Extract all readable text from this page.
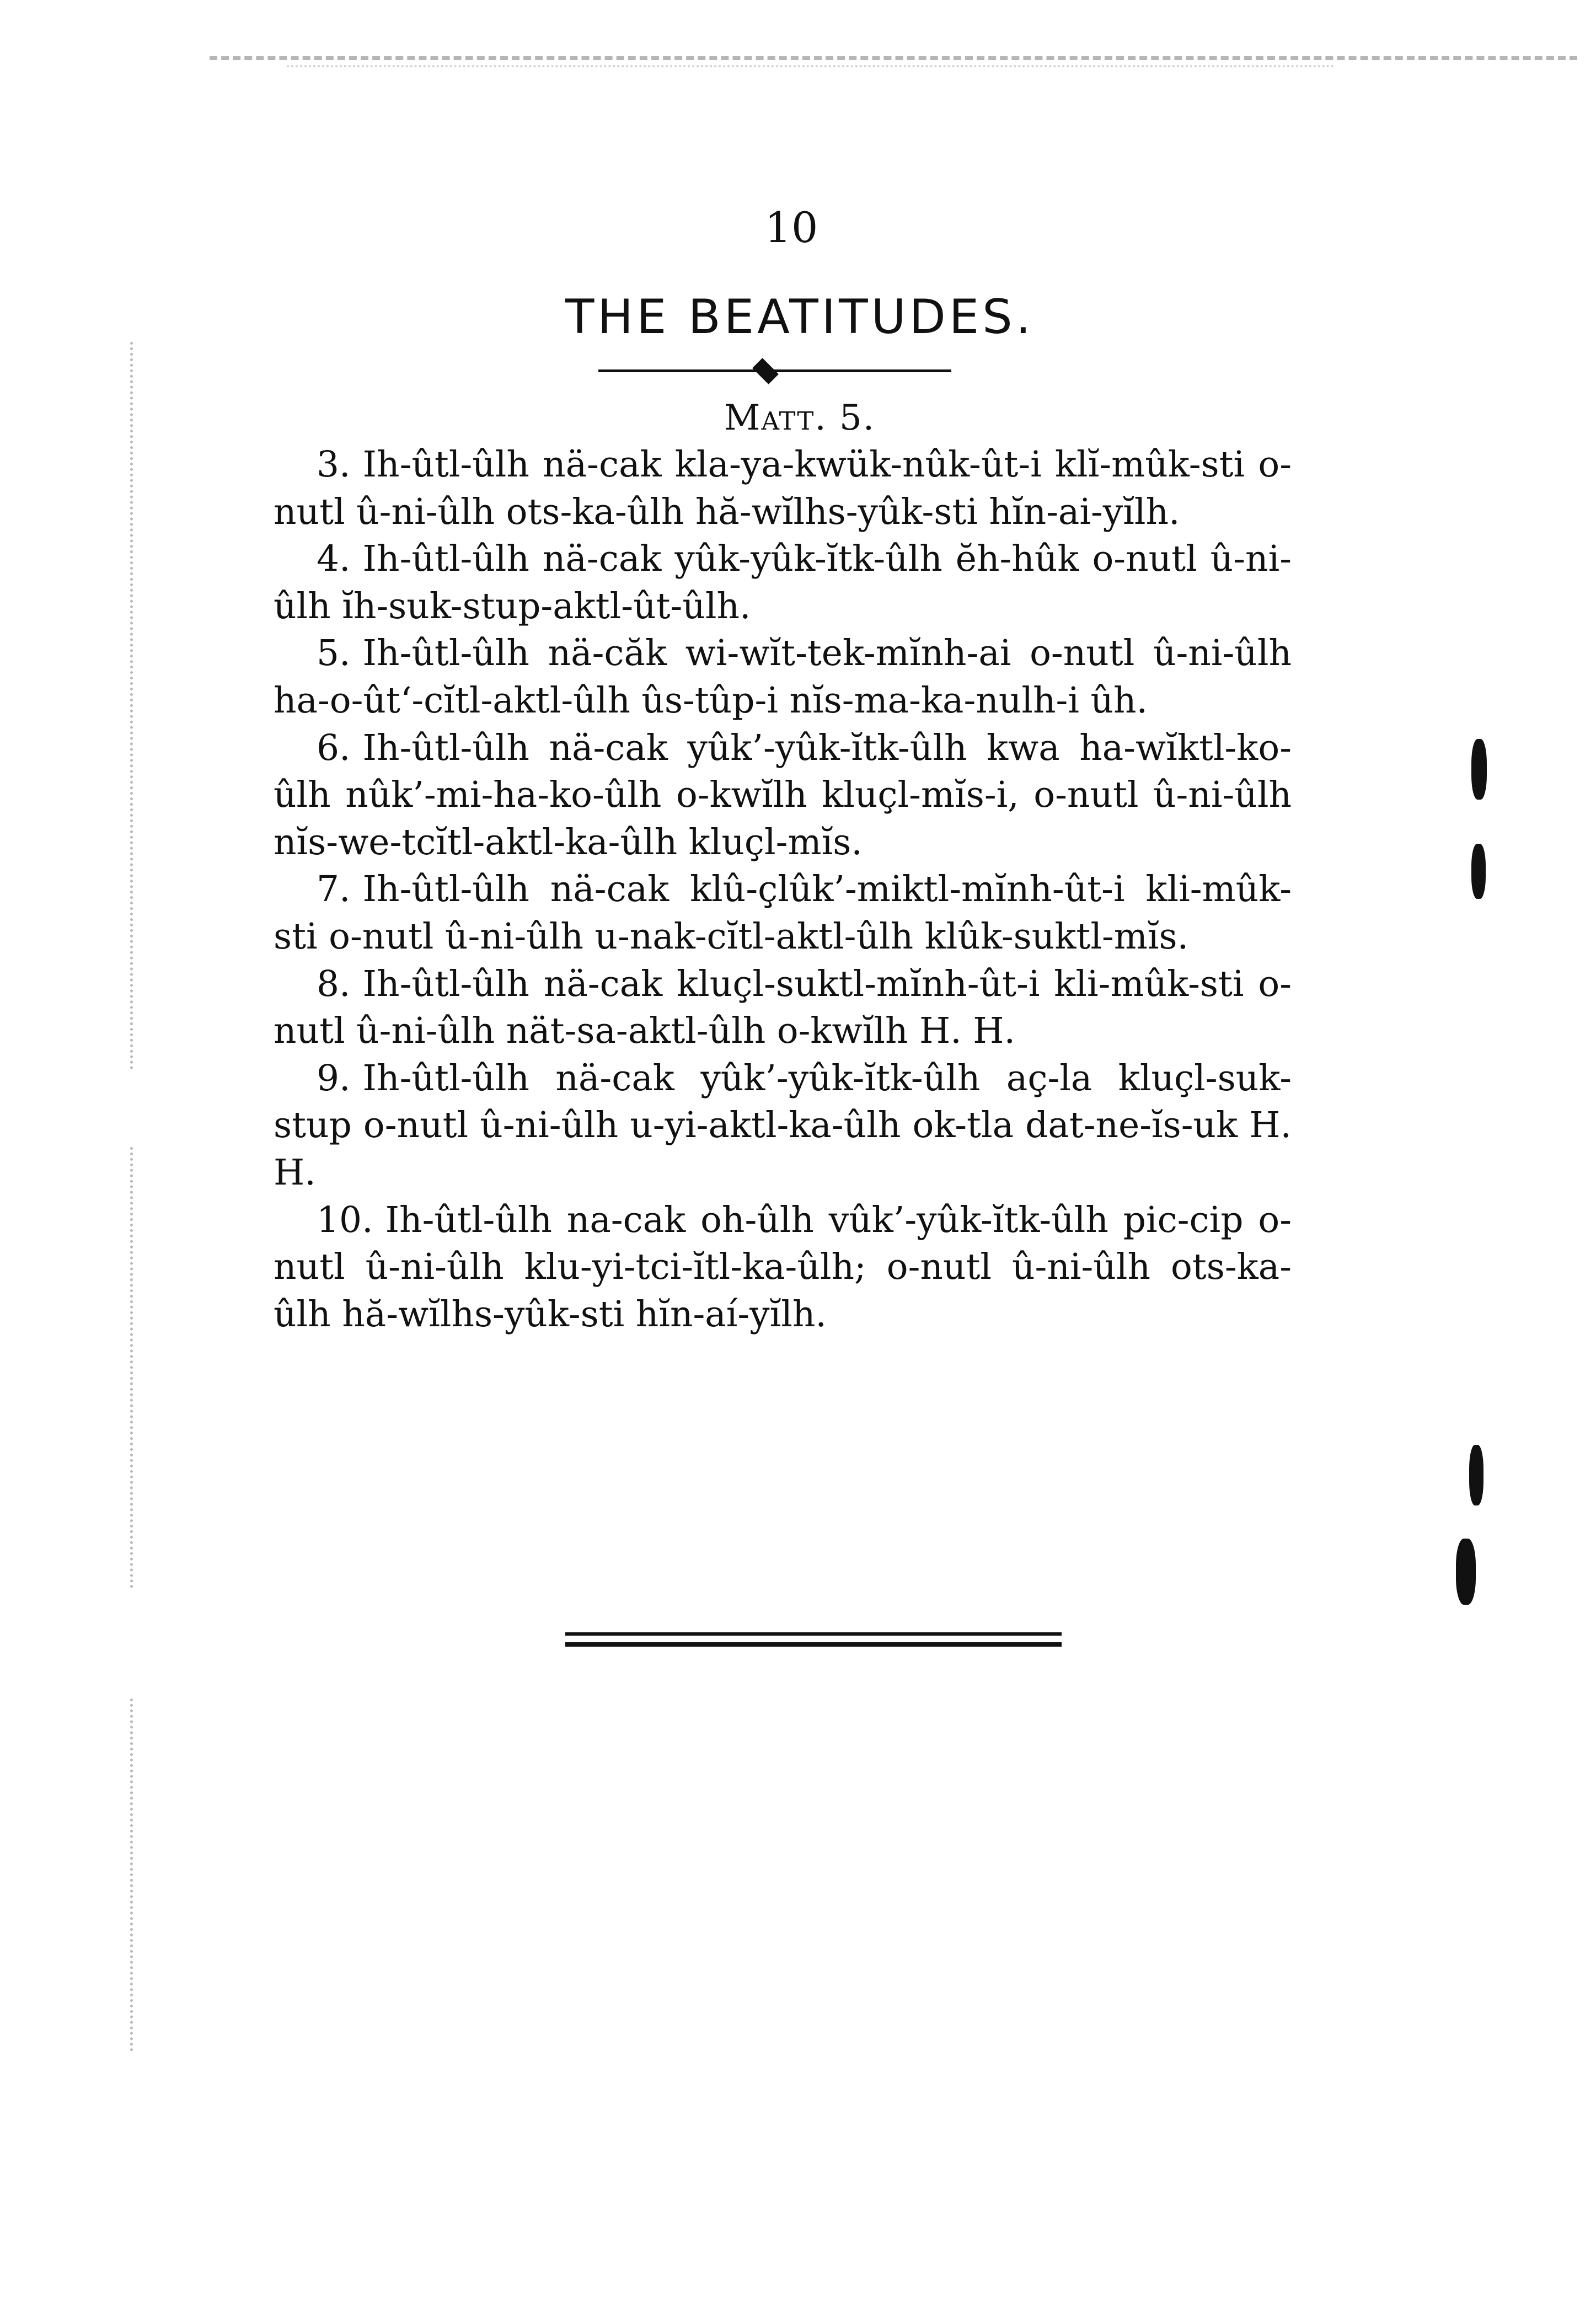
10
THE BEATITUDES.
Matt. 5.

3. Ih-ûtl-ûlh nä-cak kla-ya-kwük-nûk-ût-i klĭ-mûk-sti o-nutl û-ni-ûlh ots-ka-ûlh hă-wĭlhs-yûk-sti hĭn-ai-yĭlh.

4. Ih-ûtl-ûlh nä-cak yûk-yûk-ĭtk-ûlh ĕh-hûk o-nutl û-ni-ûlh ĭh-suk-stup-aktl-ût-ûlh.

5. Ih-ûtl-ûlh nä-căk wi-wĭt-tek-mĭnh-ai o-nutl û-ni-ûlh ha-o-ût‘-cĭtl-aktl-ûlh ûs-tûp-i nĭs-ma-ka-nulh-i ûh.

6. Ih-ûtl-ûlh nä-cak yûk’-yûk-ĭtk-ûlh kwa ha-wĭktl-ko-ûlh nûk’-mi-ha-ko-ûlh o-kwĭlh kluçl-mĭs-i, o-nutl û-ni-ûlh nĭs-we-tcĭtl-aktl-ka-ûlh kluçl-mĭs.

7. Ih-ûtl-ûlh nä-cak klû-çlûk’-miktl-mĭnh-ût-i kli-mûk-sti o-nutl û-ni-ûlh u-nak-cĭtl-aktl-ûlh klûk-suktl-mĭs.

8. Ih-ûtl-ûlh nä-cak kluçl-suktl-mĭnh-ût-i kli-mûk-sti o-nutl û-ni-ûlh nät-sa-aktl-ûlh o-kwĭlh H. H.

9. Ih-ûtl-ûlh nä-cak yûk’-yûk-ĭtk-ûlh aç-la kluçl-suk-stup o-nutl û-ni-ûlh u-yi-aktl-ka-ûlh ok-tla dat-ne-ĭs-uk H. H.

10. Ih-ûtl-ûlh na-cak oh-ûlh vûk’-yûk-ĭtk-ûlh pic-cip o-nutl û-ni-ûlh klu-yi-tci-ĭtl-ka-ûlh; o-nutl û-ni-ûlh ots-ka-ûlh hă-wĭlhs-yûk-sti hĭn-aí-yĭlh.
